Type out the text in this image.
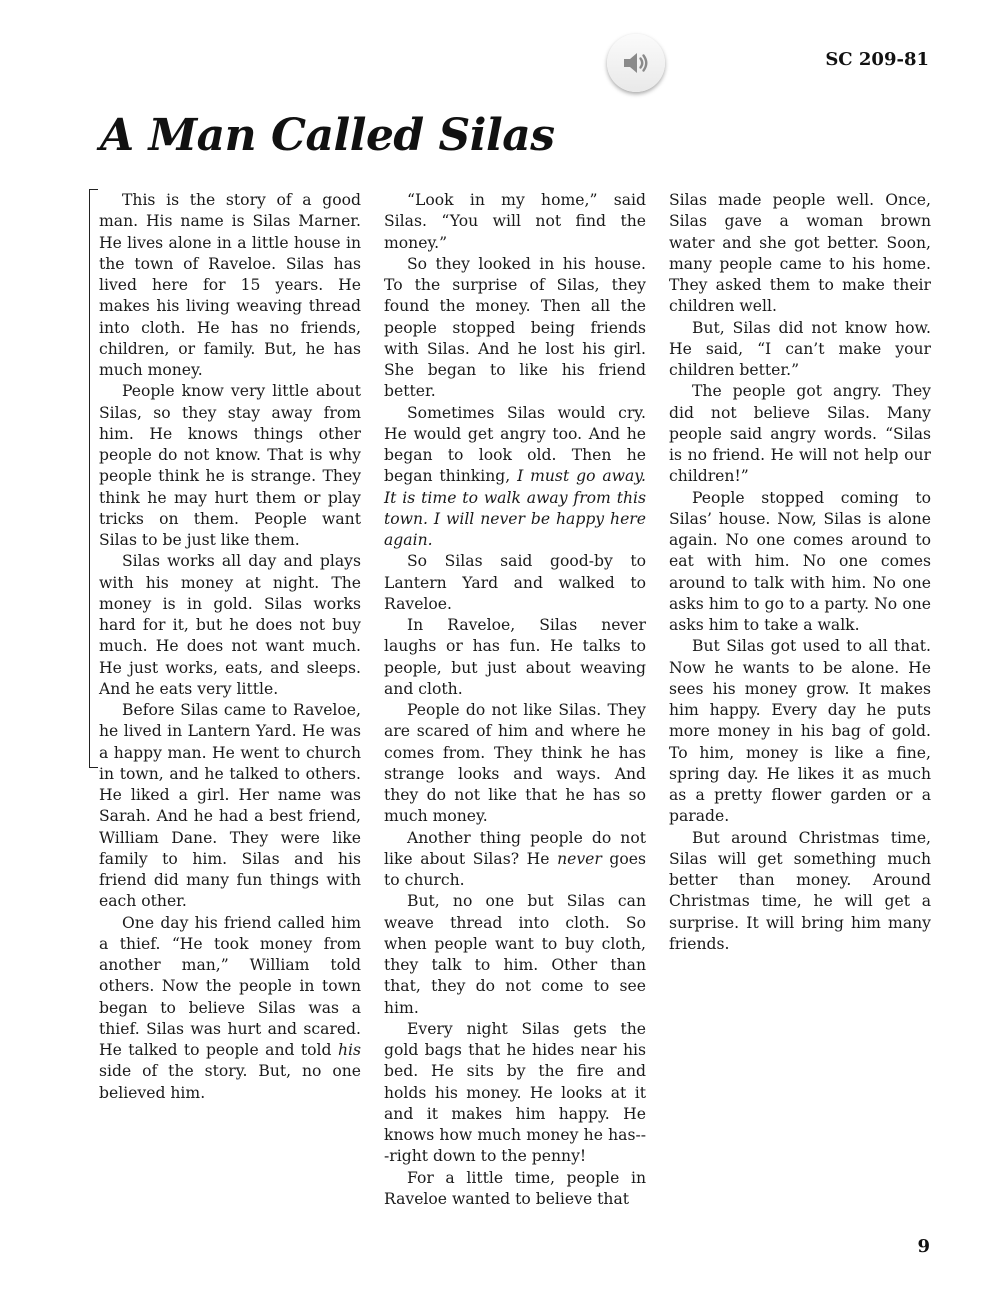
SC 209-81
A Man Called Silas

This is the story of a good man. His name is Silas Marner. He lives alone in a little house in the town of Raveloe. Silas has lived here for 15 years. He makes his living weaving thread into cloth. He has no friends, children, or family. But, he has much money.

People know very little about Silas, so they stay away from him. He knows things other people do not know. That is why people think he is strange. They think he may hurt them or play tricks on them. People want Silas to be just like them.

Silas works all day and plays with his money at night. The money is in gold. Silas works hard for it, but he does not buy much. He does not want much. He just works, eats, and sleeps. And he eats very little.

Before Silas came to Raveloe, he lived in Lantern Yard. He was a happy man. He went to church in town, and he talked to others. He liked a girl. Her name was Sarah. And he had a best friend, William Dane. They were like family to him. Silas and his friend did many fun things with each other.

One day his friend called him a thief. “He took money from another man,” William told others. Now the people in town began to believe Silas was a thief. Silas was hurt and scared. He talked to people and told his side of the story. But, no one believed him.

“Look in my home,” said Silas. “You will not find the money.”

So they looked in his house. To the surprise of Silas, they found the money. Then all the people stopped being friends with Silas. And he lost his girl. She began to like his friend better.

Sometimes Silas would cry. He would get angry too. And he began to look old. Then he began thinking, I must go away. It is time to walk away from this town. I will never be happy here again.

So Silas said good-by to Lantern Yard and walked to Raveloe.

In Raveloe, Silas never laughs or has fun. He talks to people, but just about weaving and cloth.

People do not like Silas. They are scared of him and where he comes from. They think he has strange looks and ways. And they do not like that he has so much money.

Another thing people do not like about Silas? He never goes to church.

But, no one but Silas can weave thread into cloth. So when people want to buy cloth, they talk to him. Other than that, they do not come to see him.

Every night Silas gets the gold bags that he hides near his bed. He sits by the fire and holds his money. He looks at it and it makes him happy. He knows how much money he has---right down to the penny!

For a little time, people in Raveloe wanted to believe that

Silas made people well. Once, Silas gave a woman brown water and she got better. Soon, many people came to his home. They asked them to make their children well.

But, Silas did not know how. He said, “I can’t make your children better.”

The people got angry. They did not believe Silas. Many people said angry words. “Silas is no friend. He will not help our children!”

People stopped coming to Silas’ house. Now, Silas is alone again. No one comes around to eat with him. No one comes around to talk with him. No one asks him to go to a party. No one asks him to take a walk.

But Silas got used to all that. Now he wants to be alone. He sees his money grow. It makes him happy. Every day he puts more money in his bag of gold. To him, money is like a fine, spring day. He likes it as much as a pretty flower garden or a parade.

But around Christmas time, Silas will get something much better than money. Around Christmas time, he will get a surprise. It will bring him many friends.

9
